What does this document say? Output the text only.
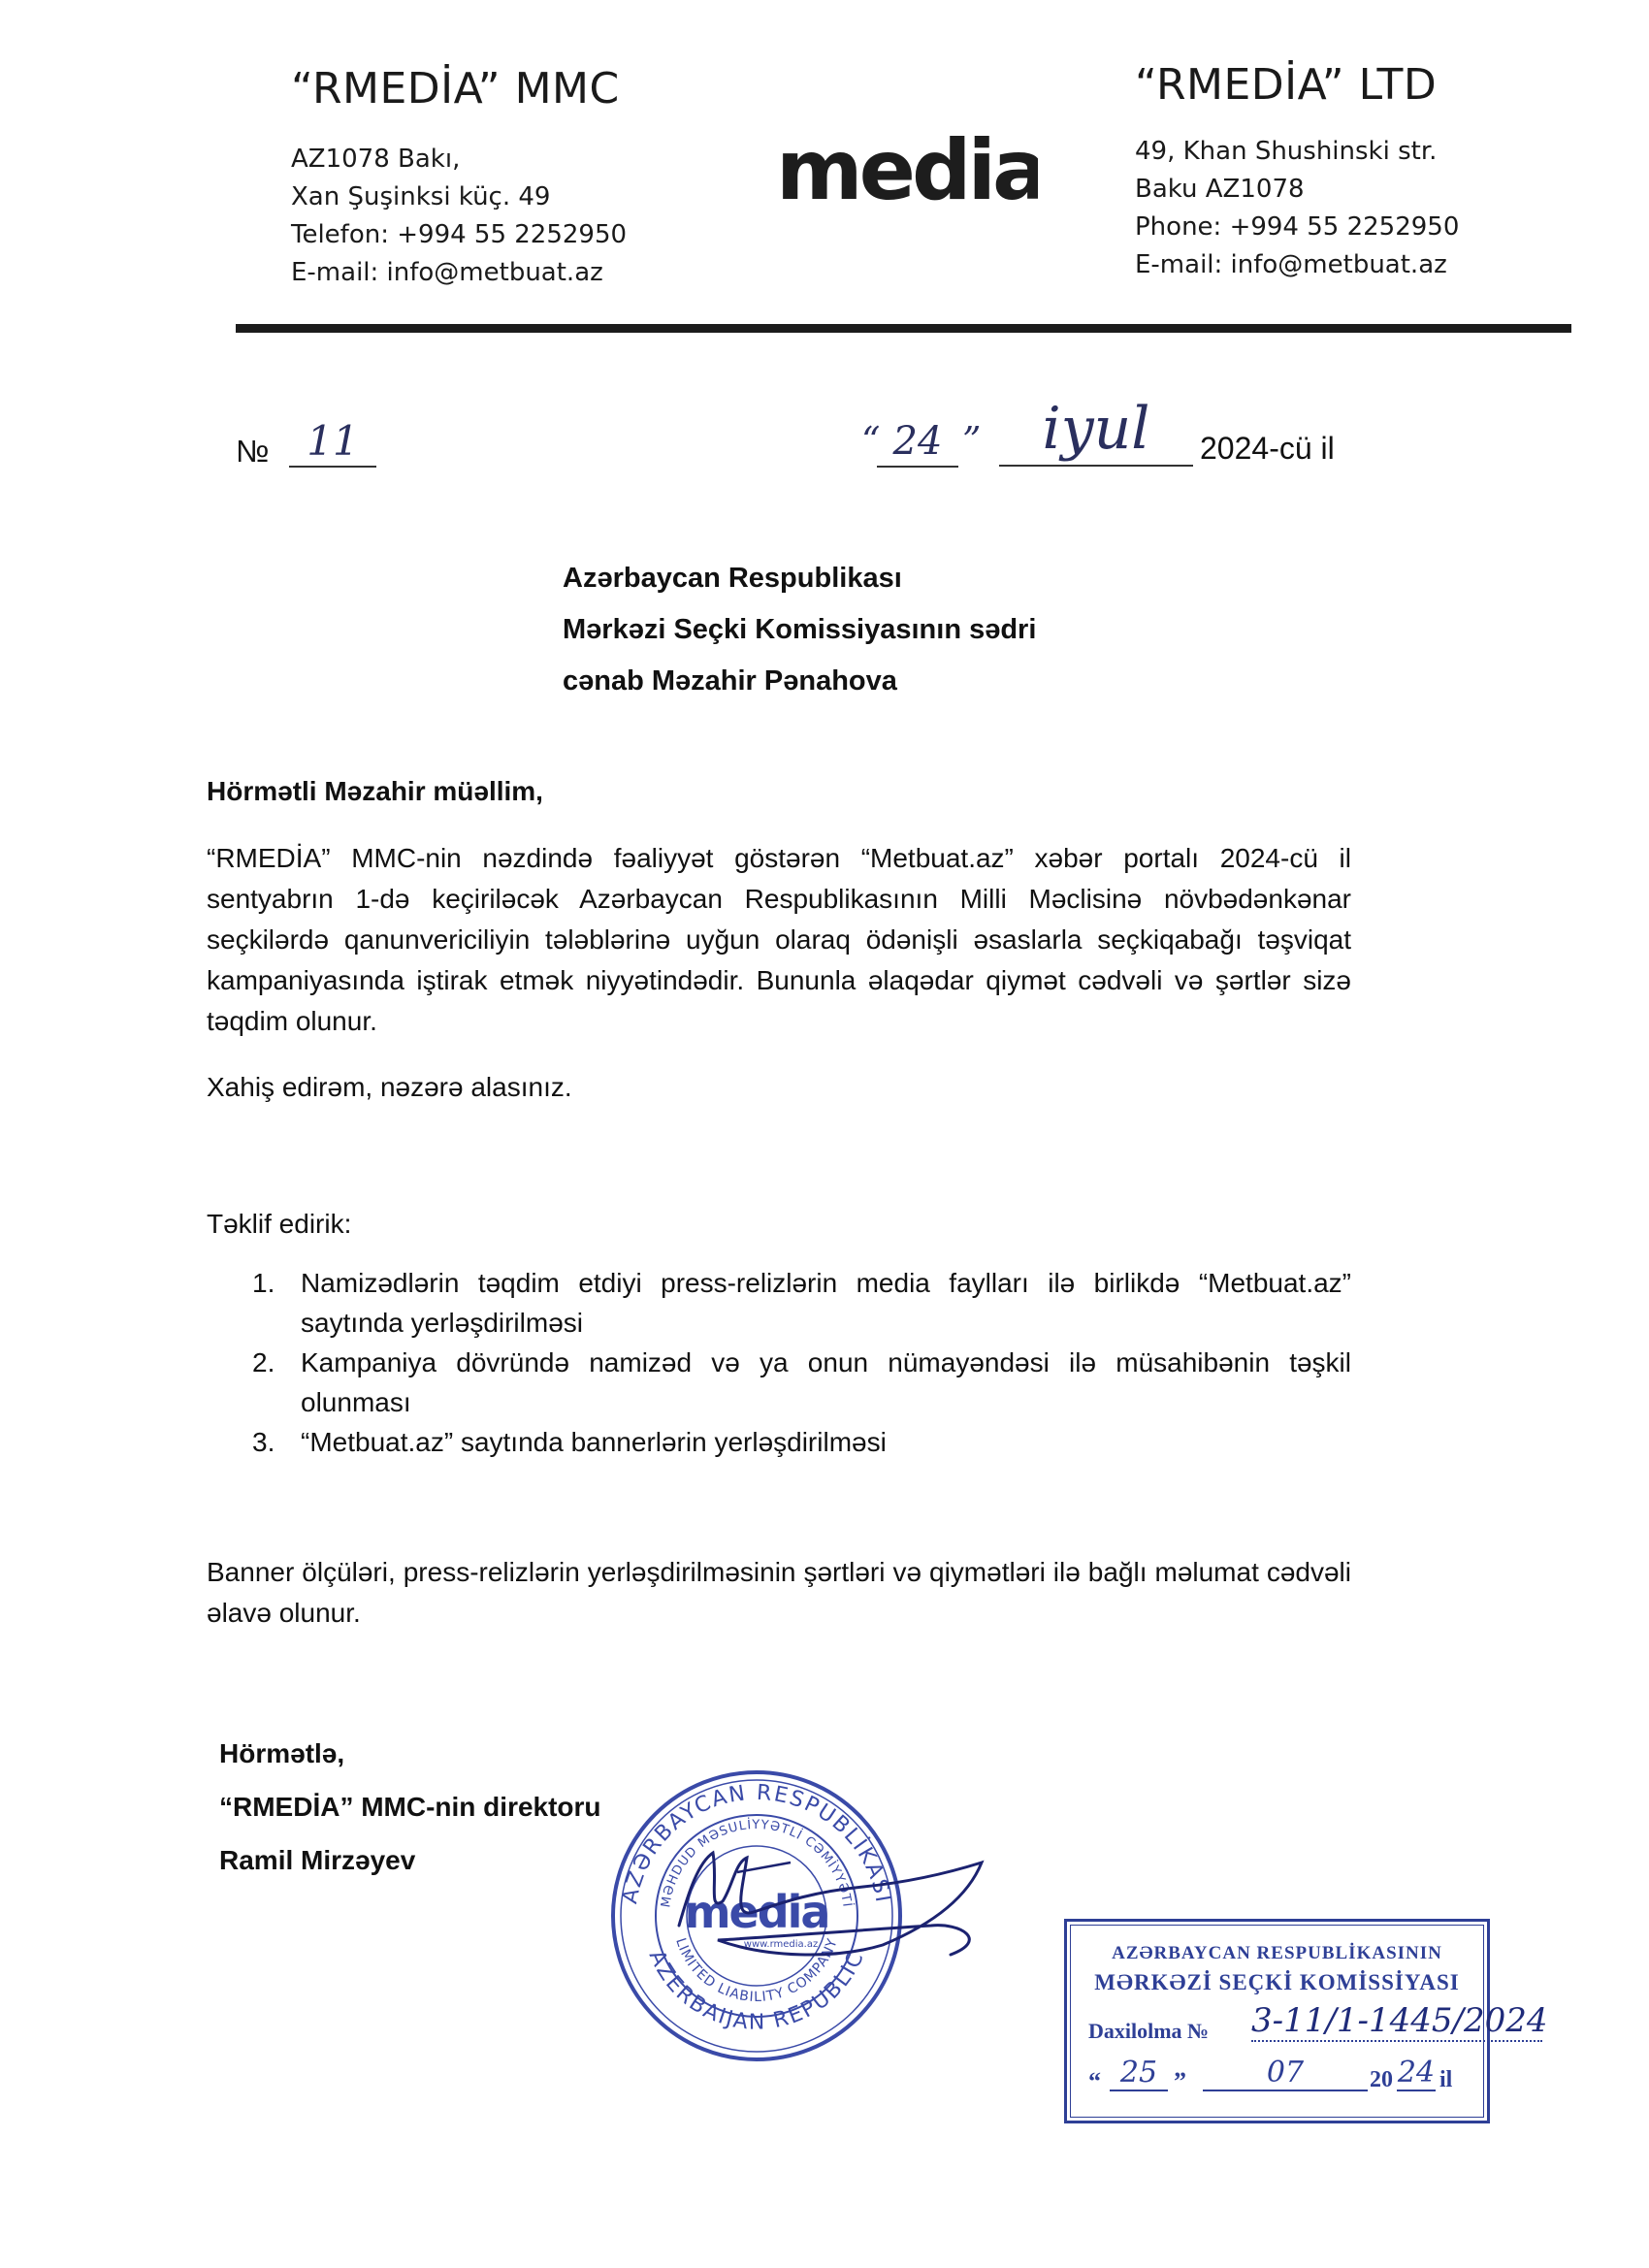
“RMEDİA” MMC
AZ1078 Bakı,
Xan Şuşinksi küç. 49
Telefon: +994 55 2252950
E-mail: info@metbuat.az
media
“RMEDİA” LTD
49, Khan Shushinski str.
Baku AZ1078
Phone: +994 55 2252950
E-mail: info@metbuat.az
№ 11	“ 24 ”	iyul	2024-cü il
Azərbaycan Respublikası
Mərkəzi Seçki Komissiyasının sədri
cənab Məzahir Pənahova
Hörmətli Məzahir müəllim,
“RMEDİA” MMC-nin nəzdində fəaliyyət göstərən “Metbuat.az” xəbər portalı 2024-cü il sentyabrın 1-də keçiriləcək Azərbaycan Respublikasının Milli Məclisinə növbədənkənar seçkilərdə qanunvericiliyin tələblərinə uyğun olaraq ödənişli əsaslarla seçkiqabağı təşviqat kampaniyasında iştirak etmək niyyətindədir. Bununla əlaqədar qiymət cədvəli və şərtlər sizə təqdim olunur.
Xahiş edirəm, nəzərə alasınız.
Təklif edirik:
1. Namizədlərin təqdim etdiyi press-relizlərin media faylları ilə birlikdə “Metbuat.az” saytında yerləşdirilməsi
2. Kampaniya dövründə namizəd və ya onun nümayəndəsi ilə müsahibənin təşkil olunması
3. “Metbuat.az” saytında bannerlərin yerləşdirilməsi
Banner ölçüləri, press-relizlərin yerləşdirilməsinin şərtləri və qiymətləri ilə bağlı məlumat cədvəli əlavə olunur.
Hörmətlə,
“RMEDİA” MMC-nin direktoru
Ramil Mirzəyev
AZƏRBAYCAN RESPUBLİKASI
AZERBAIJAN REPUBLIC
MƏHDUD MƏSULİYYƏTLİ CƏMİYYƏTİ
LIMITED LIABILITY COMPANY
media
www.rmedia.az	AZƏRBAYCAN RESPUBLİKASININ
MƏRKƏZİ SEÇKİ KOMİSSİYASI
Daxilolma № 3-11/1-1445/2024
“ 25 ”	07	20 24 il
